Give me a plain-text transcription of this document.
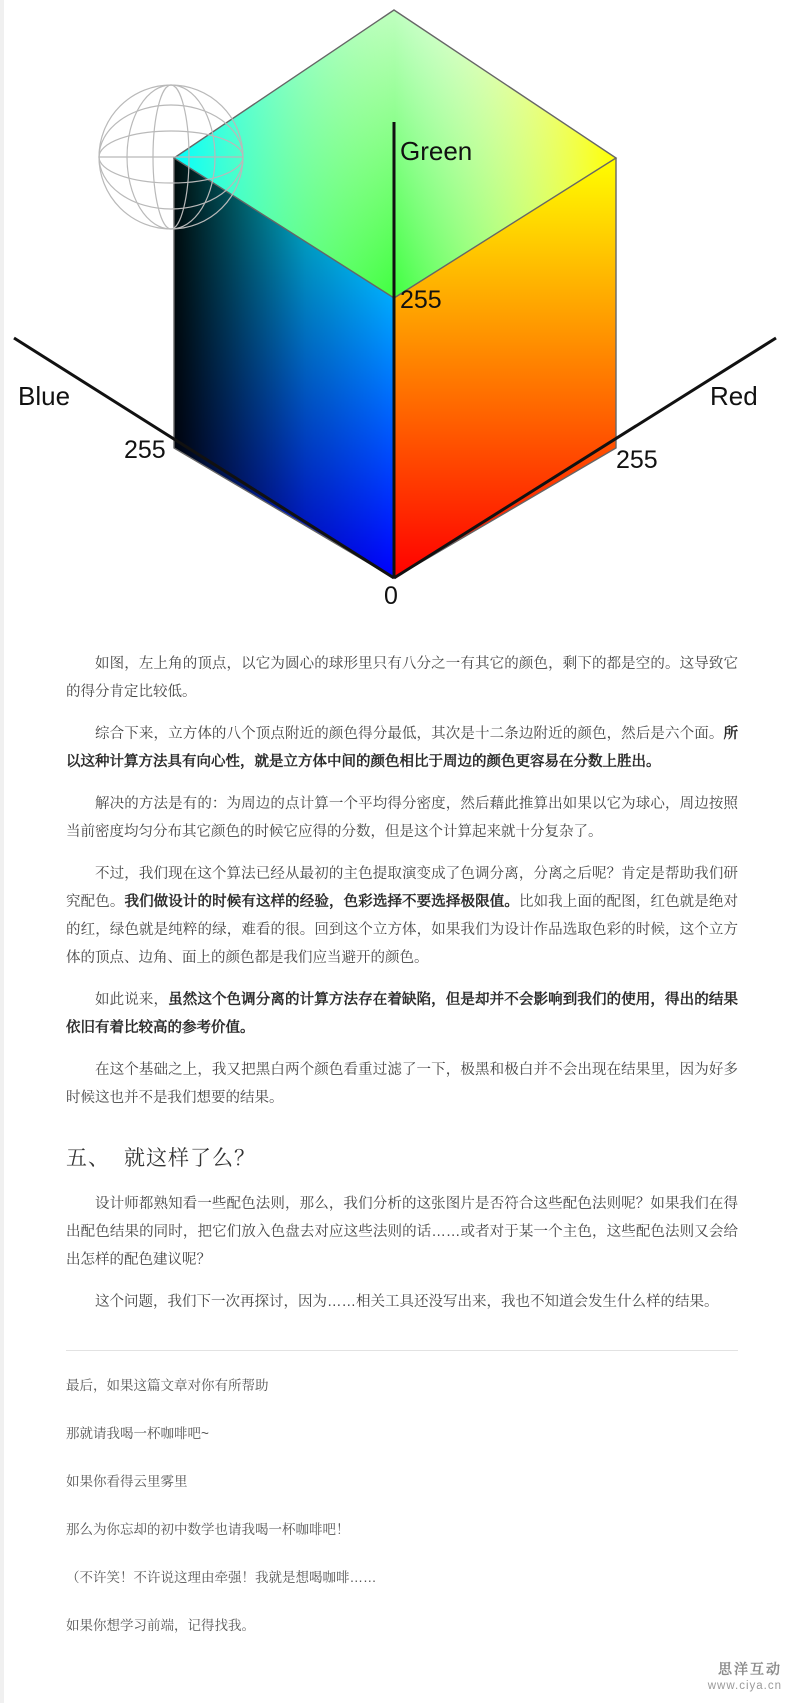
Green
Blue	Red
255
255	255
0

如图，左上角的顶点，以它为圆心的球形里只有八分之一有其它的颜色，剩下的都是空的。这导致它的得分肯定比较低。

综合下来，立方体的八个顶点附近的颜色得分最低，其次是十二条边附近的颜色，然后是六个面。所以这种计算方法具有向心性，就是立方体中间的颜色相比于周边的颜色更容易在分数上胜出。

解决的方法是有的：为周边的点计算一个平均得分密度，然后藉此推算出如果以它为球心，周边按照当前密度均匀分布其它颜色的时候它应得的分数，但是这个计算起来就十分复杂了。

不过，我们现在这个算法已经从最初的主色提取演变成了色调分离，分离之后呢？肯定是帮助我们研究配色。我们做设计的时候有这样的经验，色彩选择不要选择极限值。比如我上面的配图，红色就是绝对的红，绿色就是纯粹的绿，难看的很。回到这个立方体，如果我们为设计作品选取色彩的时候，这个立方体的顶点、边角、面上的颜色都是我们应当避开的颜色。

如此说来，虽然这个色调分离的计算方法存在着缺陷，但是却并不会影响到我们的使用，得出的结果依旧有着比较高的参考价值。

在这个基础之上，我又把黑白两个颜色看重过滤了一下，极黑和极白并不会出现在结果里，因为好多时候这也并不是我们想要的结果。

五、 就这样了么？

设计师都熟知看一些配色法则，那么，我们分析的这张图片是否符合这些配色法则呢？如果我们在得出配色结果的同时，把它们放入色盘去对应这些法则的话……或者对于某一个主色，这些配色法则又会给出怎样的配色建议呢？

这个问题，我们下一次再探讨，因为……相关工具还没写出来，我也不知道会发生什么样的结果。

最后，如果这篇文章对你有所帮助

那就请我喝一杯咖啡吧~

如果你看得云里雾里

那么为你忘却的初中数学也请我喝一杯咖啡吧！

（不许笑！不许说这理由牵强！我就是想喝咖啡……

如果你想学习前端，记得找我。

思洋互动
www.ciya.cn
